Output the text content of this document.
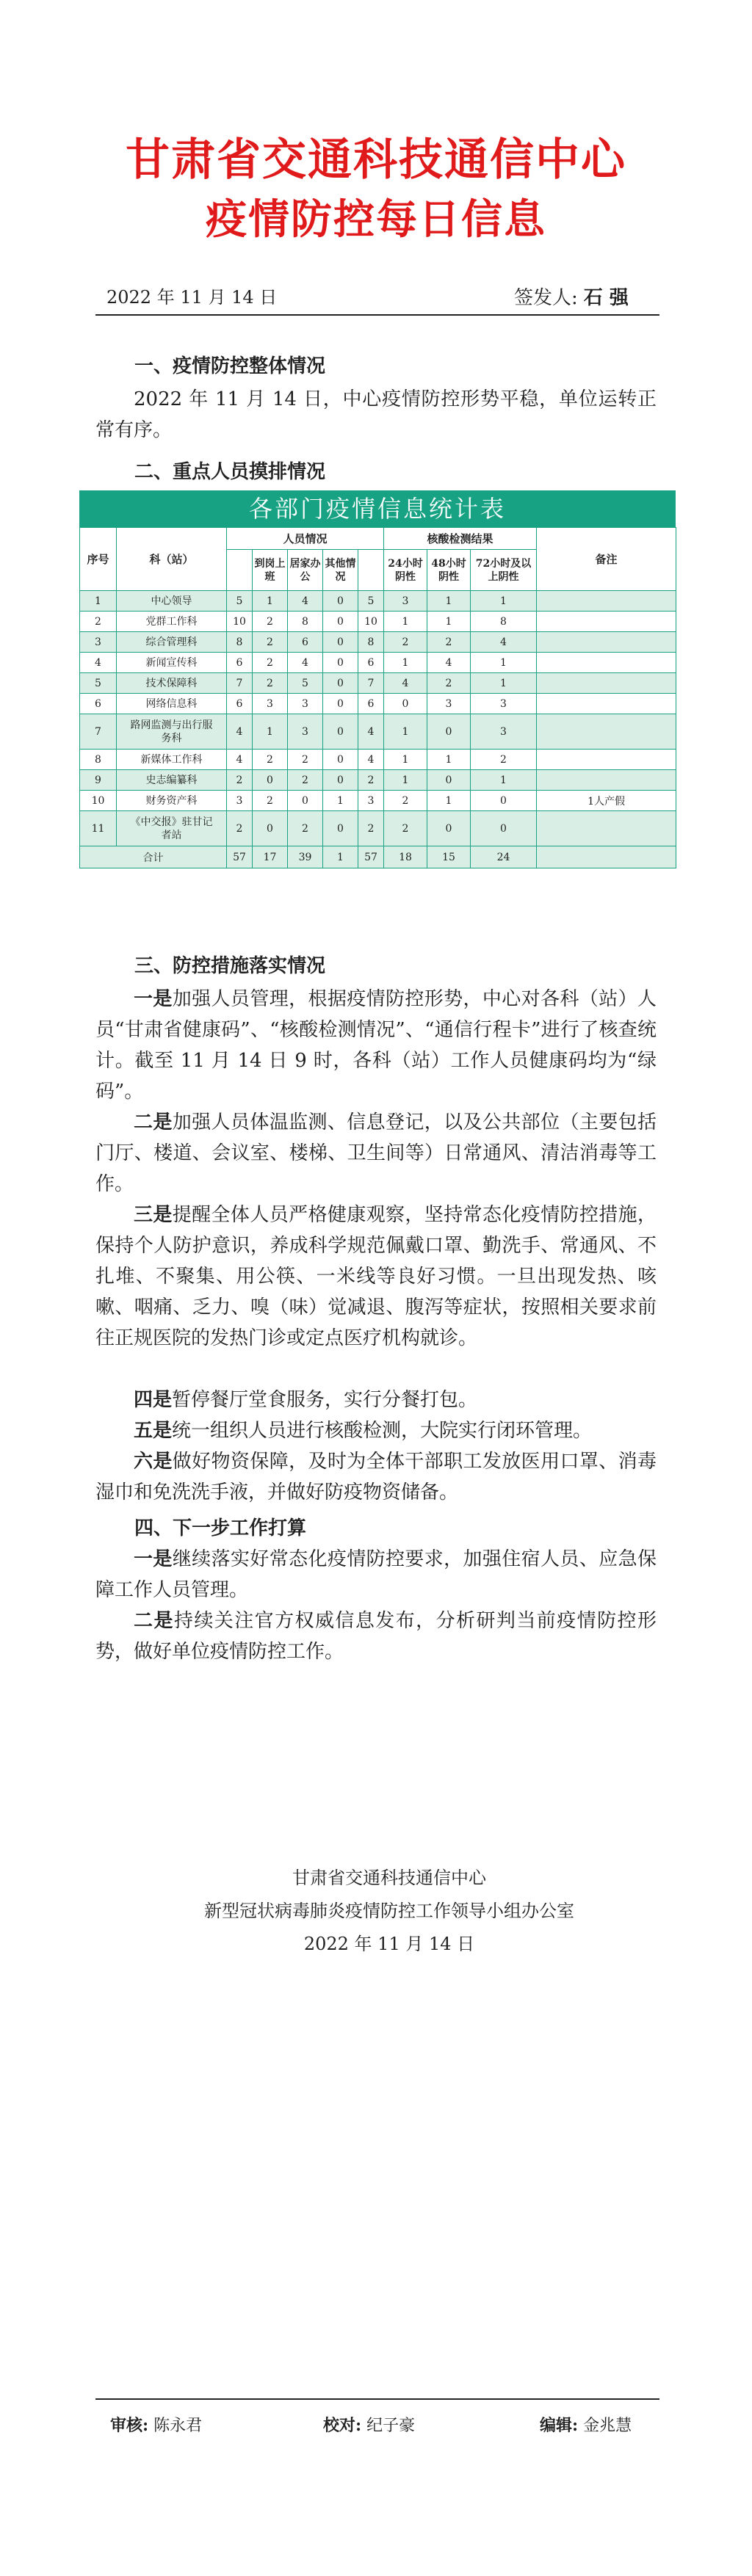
甘肃省交通科技通信中心
疫情防控每日信息
2022 年 11 月 14 日	签发人: 石 强
一、疫情防控整体情况
2022 年 11 月 14 日，中心疫情防控形势平稳，单位运转正常有序。
二、重点人员摸排情况
各部门疫情信息统计表
序号	科（站）	人员情况					核酸检测结果			备注
			到岗上班	居家办公	其他情况		24小时阴性	48小时阴性	72小时及以上阴性	
1	中心领导	5	1	4	0	5	3	1	1	
2	党群工作科	10	2	8	0	10	1	1	8	
3	综合管理科	8	2	6	0	8	2	2	4	
4	新闻宣传科	6	2	4	0	6	1	4	1	
5	技术保障科	7	2	5	0	7	4	2	1	
6	网络信息科	6	3	3	0	6	0	3	3	
7	路网监测与出行服务科	4	1	3	0	4	1	0	3	
8	新媒体工作科	4	2	2	0	4	1	1	2	
9	史志编纂科	2	0	2	0	2	1	0	1	
10	财务资产科	3	2	0	1	3	2	1	0	1人产假
11	《中交报》驻甘记者站	2	0	2	0	2	2	0	0	
合计		57	17	39	1	57	18	15	24	
三、防控措施落实情况
一是加强人员管理，根据疫情防控形势，中心对各科（站）人员“甘肃省健康码”、“核酸检测情况”、“通信行程卡”进行了核查统计。截至 11 月 14 日 9 时，各科（站）工作人员健康码均为“绿码”。
二是加强人员体温监测、信息登记，以及公共部位（主要包括门厅、楼道、会议室、楼梯、卫生间等）日常通风、清洁消毒等工作。
三是提醒全体人员严格健康观察，坚持常态化疫情防控措施，保持个人防护意识，养成科学规范佩戴口罩、勤洗手、常通风、不扎堆、不聚集、用公筷、一米线等良好习惯。一旦出现发热、咳嗽、咽痛、乏力、嗅（味）觉减退、腹泻等症状，按照相关要求前往正规医院的发热门诊或定点医疗机构就诊。
四是暂停餐厅堂食服务，实行分餐打包。
五是统一组织人员进行核酸检测，大院实行闭环管理。
六是做好物资保障，及时为全体干部职工发放医用口罩、消毒湿巾和免洗洗手液，并做好防疫物资储备。
四、下一步工作打算
一是继续落实好常态化疫情防控要求，加强住宿人员、应急保障工作人员管理。
二是持续关注官方权威信息发布，分析研判当前疫情防控形势，做好单位疫情防控工作。
甘肃省交通科技通信中心
新型冠状病毒肺炎疫情防控工作领导小组办公室
2022 年 11 月 14 日
审核: 陈永君	校对: 纪子豪	编辑: 金兆慧
